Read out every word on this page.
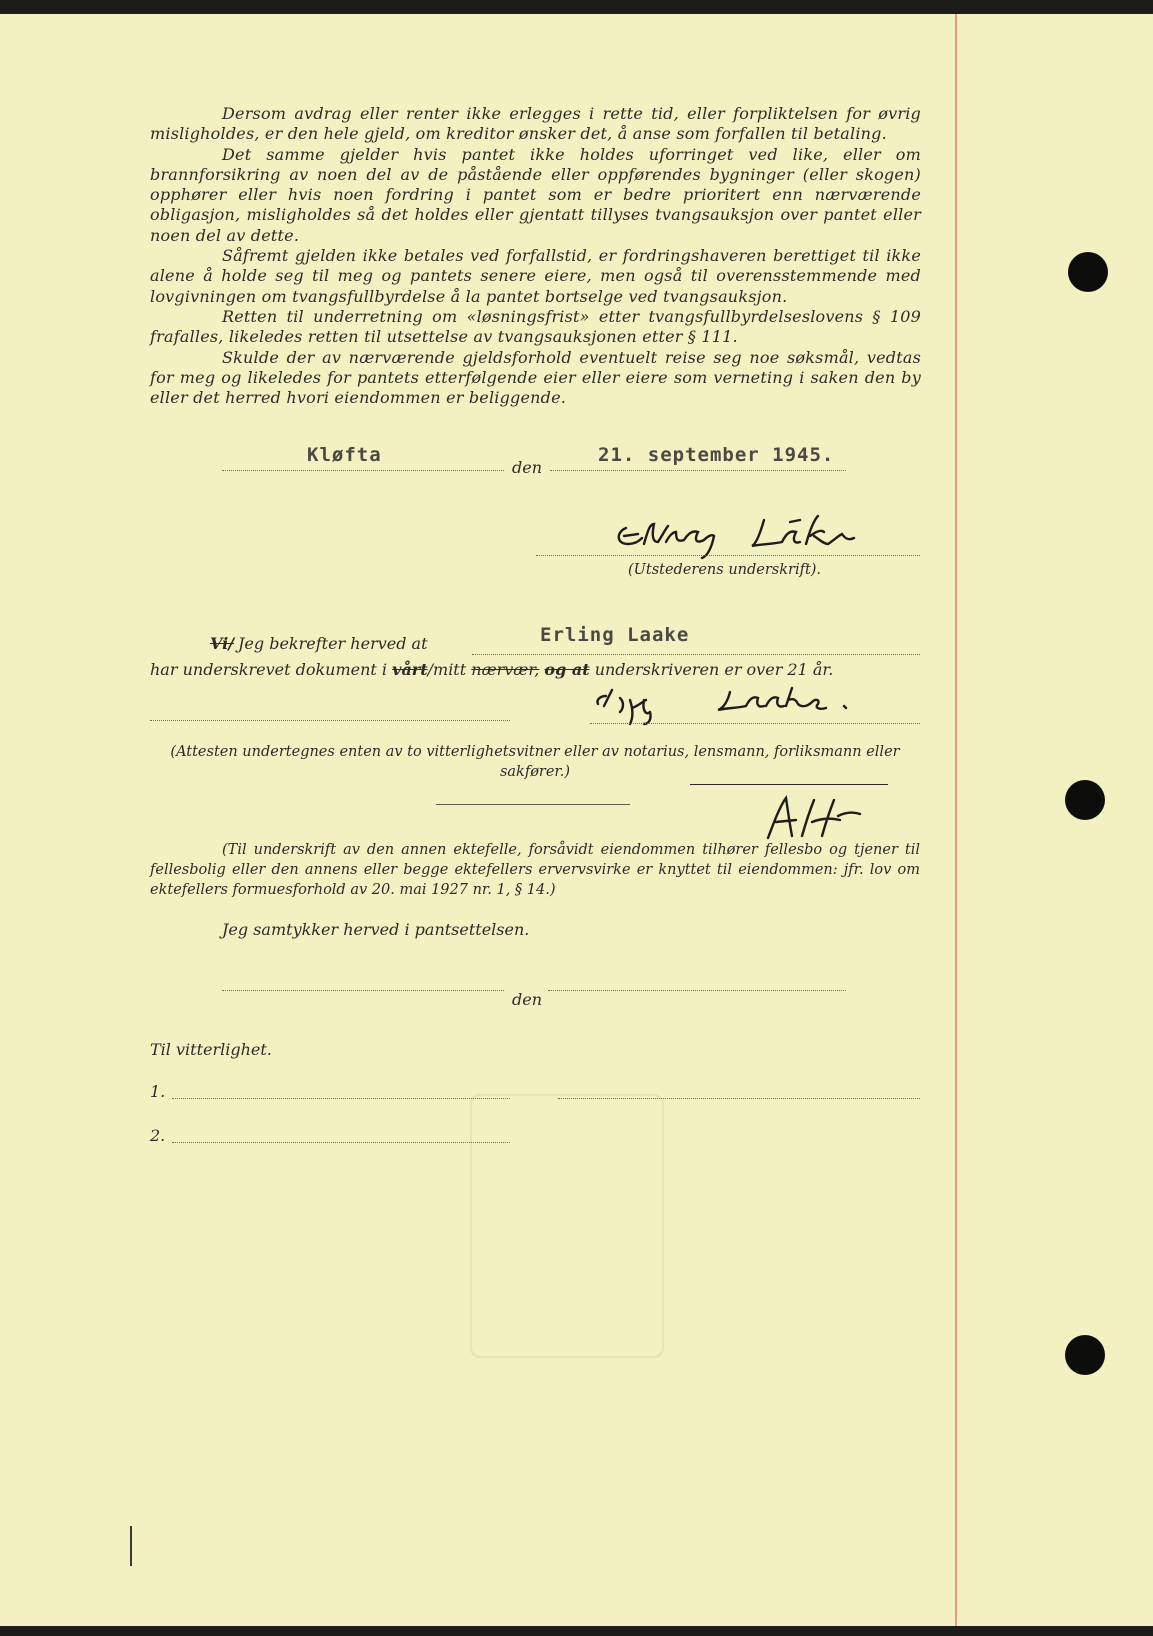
Dersom avdrag eller renter ikke erlegges i rette tid, eller forpliktelsen for øvrig misligholdes, er den hele gjeld, om kreditor ønsker det, å anse som forfallen til betaling.

Det samme gjelder hvis pantet ikke holdes uforringet ved like, eller om brannforsikring av noen del av de påstående eller oppførendes bygninger (eller skogen) opphører eller hvis noen fordring i pantet som er bedre prioritert enn nærværende obligasjon, misligholdes så det holdes eller gjentatt tillyses tvangsauksjon over pantet eller noen del av dette.

Såfremt gjelden ikke betales ved forfallstid, er fordringshaveren berettiget til ikke alene å holde seg til meg og pantets senere eiere, men også til overensstemmende med lovgivningen om tvangsfullbyrdelse å la pantet bortselge ved tvangsauksjon.

Retten til underretning om «løsningsfrist» etter tvangsfullbyrdelseslovens § 109 frafalles, likeledes retten til utsettelse av tvangsauksjonen etter § 111.

Skulde der av nærværende gjeldsforhold eventuelt reise seg noe søksmål, vedtas for meg og likeledes for pantets etterfølgende eier eller eiere som verneting i saken den by eller det herred hvori eiendommen er beliggende.

Kløfta
den
21. september 1945.
(Utstederens underskrift).
Vi/ Jeg bekrefter herved at	Erling Laake
har underskrevet dokument i vårt/mitt nærvær, og at underskriveren er over 21 år.
(Attesten undertegnes enten av to vitterlighetsvitner eller av notarius, lensmann, forliksmann eller sakfører.)
(Til underskrift av den annen ektefelle, forsåvidt eiendommen tilhører fellesbo og tjener til fellesbolig eller den annens eller begge ektefellers ervervsvirke er knyttet til eiendommen: jfr. lov om ektefellers formuesforhold av 20. mai 1927 nr. 1, § 14.)
Jeg samtykker herved i pantsettelsen.
den
Til vitterlighet.
1.
2.
